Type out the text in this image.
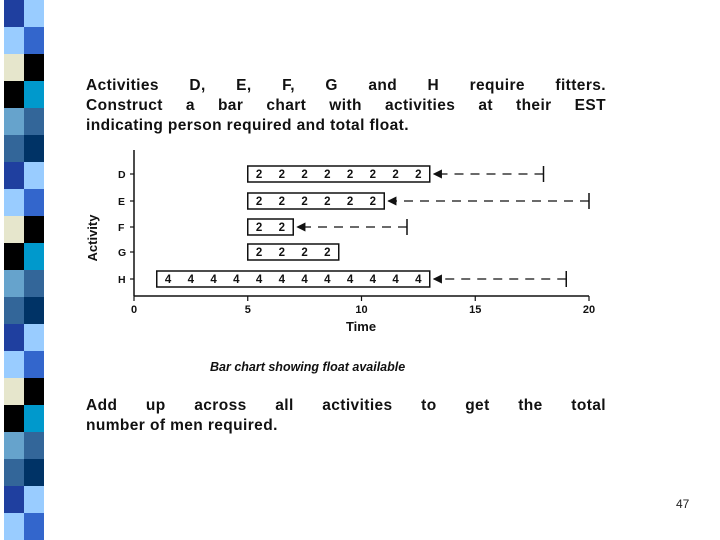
Activities D, E, F, G and H require fitters.
Construct a bar chart with activities at their EST
indicating person required and total float.
0	5	10	15	20
Time
Activity
D	2 2 2 2 2 2 2 2
E	2 2 2 2 2 2
F	2 2
G	2 2 2 2
H	4 4 4 4 4 4 4 4 4 4 4 4
Bar chart showing float available
Add up across all activities to get the total
number of men required.
47
